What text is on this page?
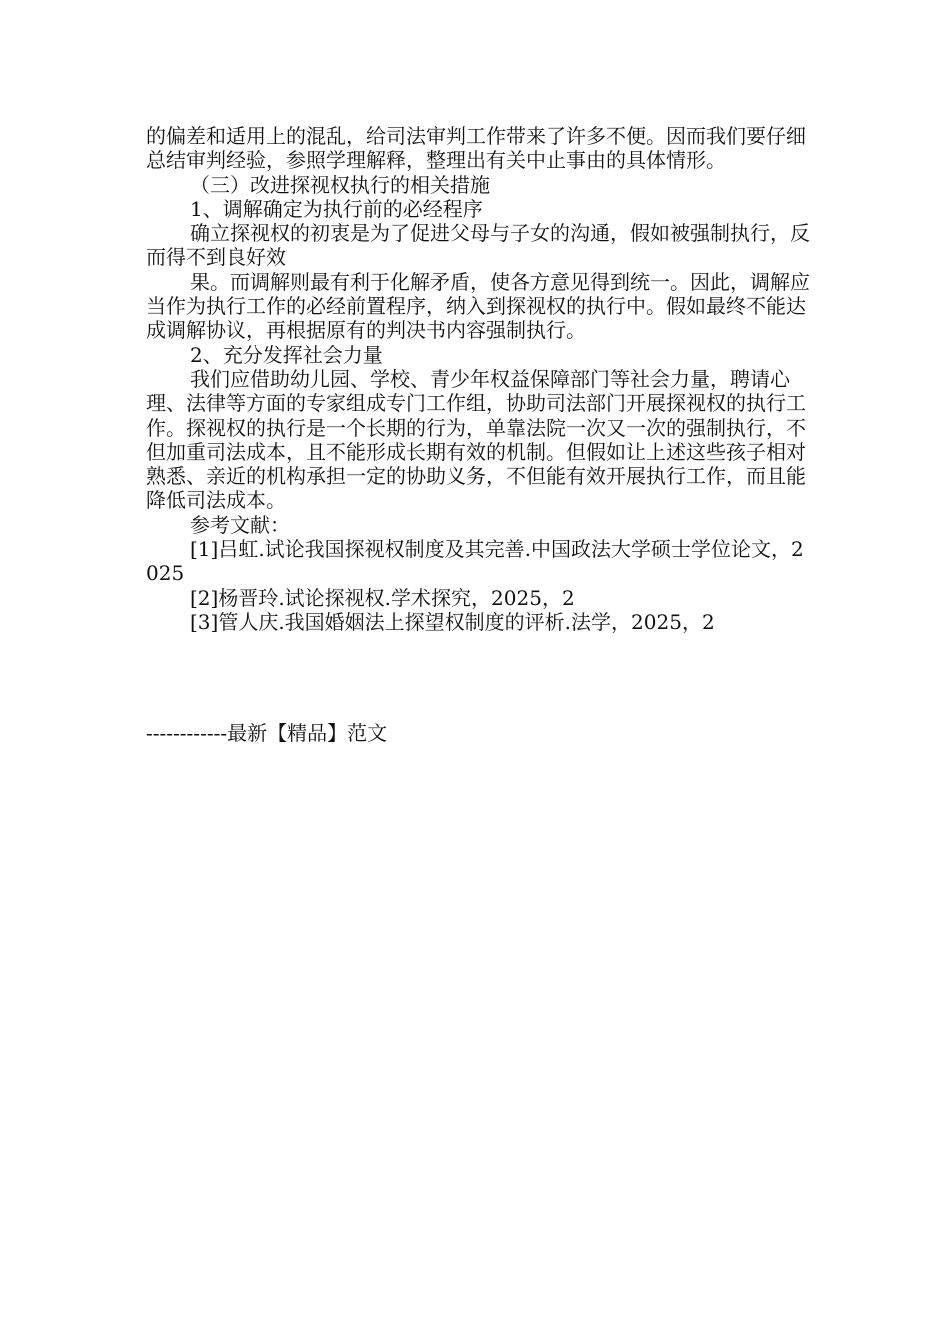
的偏差和适用上的混乱，给司法审判工作带来了许多不便。因而我们要仔细总结审判经验，参照学理解释，整理出有关中止事由的具体情形。

（三）改进探视权执行的相关措施

1、调解确定为执行前的必经程序

确立探视权的初衷是为了促进父母与子女的沟通，假如被强制执行，反而得不到良好效

果。而调解则最有利于化解矛盾，使各方意见得到统一。因此，调解应当作为执行工作的必经前置程序，纳入到探视权的执行中。假如最终不能达成调解协议，再根据原有的判决书内容强制执行。

2、充分发挥社会力量

我们应借助幼儿园、学校、青少年权益保障部门等社会力量，聘请心理、法律等方面的专家组成专门工作组，协助司法部门开展探视权的执行工作。探视权的执行是一个长期的行为，单靠法院一次又一次的强制执行，不但加重司法成本，且不能形成长期有效的机制。但假如让上述这些孩子相对熟悉、亲近的机构承担一定的协助义务，不但能有效开展执行工作，而且能降低司法成本。

参考文献：

[1]吕虹.试论我国探视权制度及其完善.中国政法大学硕士学位论文，2025

[2]杨晋玲.试论探视权.学术探究，2025，2

[3]管人庆.我国婚姻法上探望权制度的评析.法学，2025，2

------------最新【精品】范文
